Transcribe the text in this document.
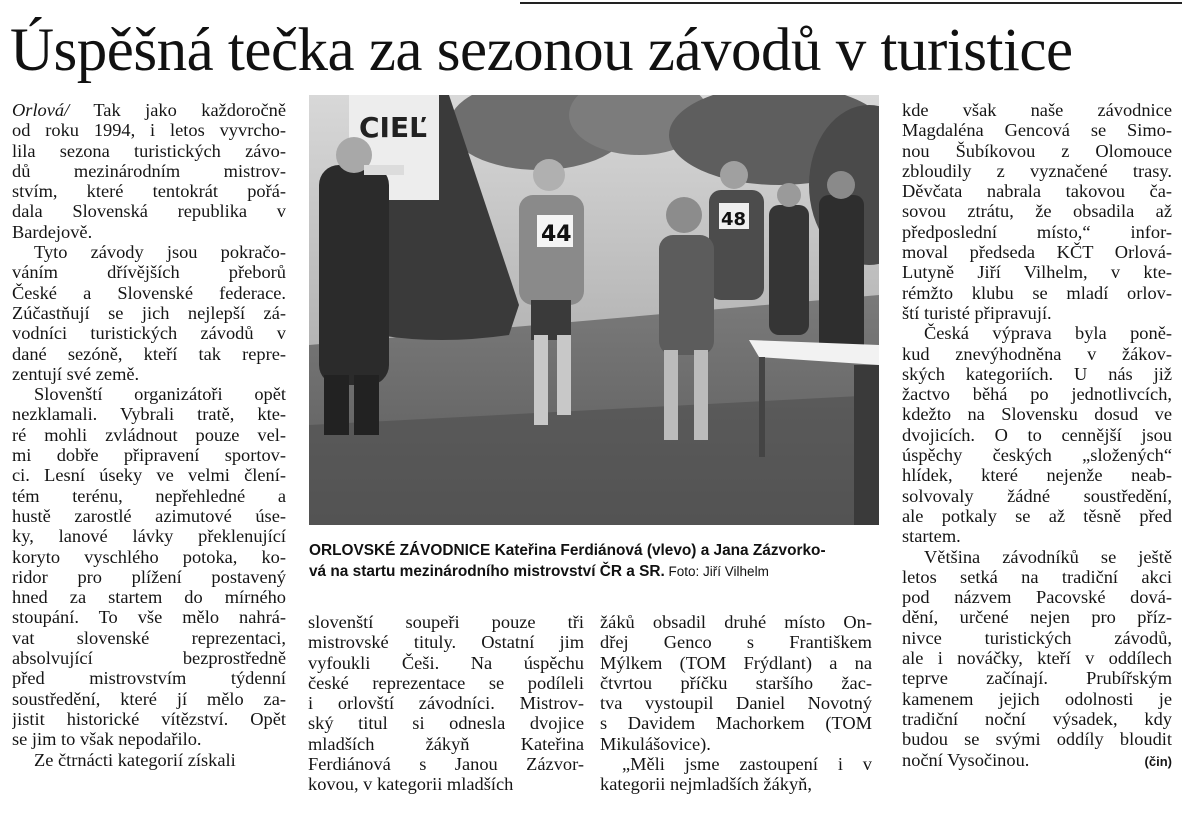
Úspěšná tečka za sezonou závodů v turistice
Orlová/ Tak jako každoročně
od roku 1994, i letos vyvrcho-
lila sezona turistických závo-
dů mezinárodním mistrov-
stvím, které tentokrát pořá-
dala Slovenská republika v
Bardejově.
Tyto závody jsou pokračo-
váním dřívějších přeborů
České a Slovenské federace.
Zúčastňují se jich nejlepší zá-
vodníci turistických závodů v
dané sezóně, kteří tak repre-
zentují své země.
Slovenští organizátoři opět
nezklamali. Vybrali tratě, kte-
ré mohli zvládnout pouze vel-
mi dobře připravení sportov-
ci. Lesní úseky ve velmi člení-
tém terénu, nepřehledné a
hustě zarostlé azimutové úse-
ky, lanové lávky překlenující
koryto vyschlého potoka, ko-
ridor pro plížení postavený
hned za startem do mírného
stoupání. To vše mělo nahrá-
vat slovenské reprezentaci,
absolvující bezprostředně
před mistrovstvím týdenní
soustředění, které jí mělo za-
jistit historické vítězství. Opět
se jim to však nepodařilo.
Ze čtrnácti kategorií získali
CIEĽ
44
48
ORLOVSKÉ ZÁVODNICE Kateřina Ferdiánová (vlevo) a Jana Zázvorko-
vá na startu mezinárodního mistrovství ČR a SR. Foto: Jiří Vilhelm
slovenští soupeři pouze tři
mistrovské tituly. Ostatní jim
vyfoukli Češi. Na úspěchu
české reprezentace se podíleli
i orlovští závodníci. Mistrov-
ský titul si odnesla dvojice
mladších žákyň Kateřina
Ferdiánová s Janou Zázvor-
kovou, v kategorii mladších
žáků obsadil druhé místo On-
dřej Genco s Františkem
Mýlkem (TOM Frýdlant) a na
čtvrtou příčku staršího žac-
tva vystoupil Daniel Novotný
s Davidem Machorkem (TOM
Mikulášovice).
„Měli jsme zastoupení i v
kategorii nejmladších žákyň,
kde však naše závodnice
Magdaléna Gencová se Simo-
nou Šubíkovou z Olomouce
zbloudily z vyznačené trasy.
Děvčata nabrala takovou ča-
sovou ztrátu, že obsadila až
předposlední místo,“ infor-
moval předseda KČT Orlová-
Lutyně Jiří Vilhelm, v kte-
rémžto klubu se mladí orlov-
ští turisté připravují.
Česká výprava byla poně-
kud znevýhodněna v žákov-
ských kategoriích. U nás již
žactvo běhá po jednotlivcích,
kdežto na Slovensku dosud ve
dvojicích. O to cennější jsou
úspěchy českých „složených“
hlídek, které nejenže neab-
solvovaly žádné soustředění,
ale potkaly se až těsně před
startem.
Většina závodníků se ještě
letos setká na tradiční akci
pod názvem Pacovské dová-
dění, určené nejen pro příz-
nivce turistických závodů,
ale i nováčky, kteří v oddílech
teprve začínají. Prubířským
kamenem jejich odolnosti je
tradiční noční výsadek, kdy
budou se svými oddíly bloudit
noční Vysočinou.	(čin)
